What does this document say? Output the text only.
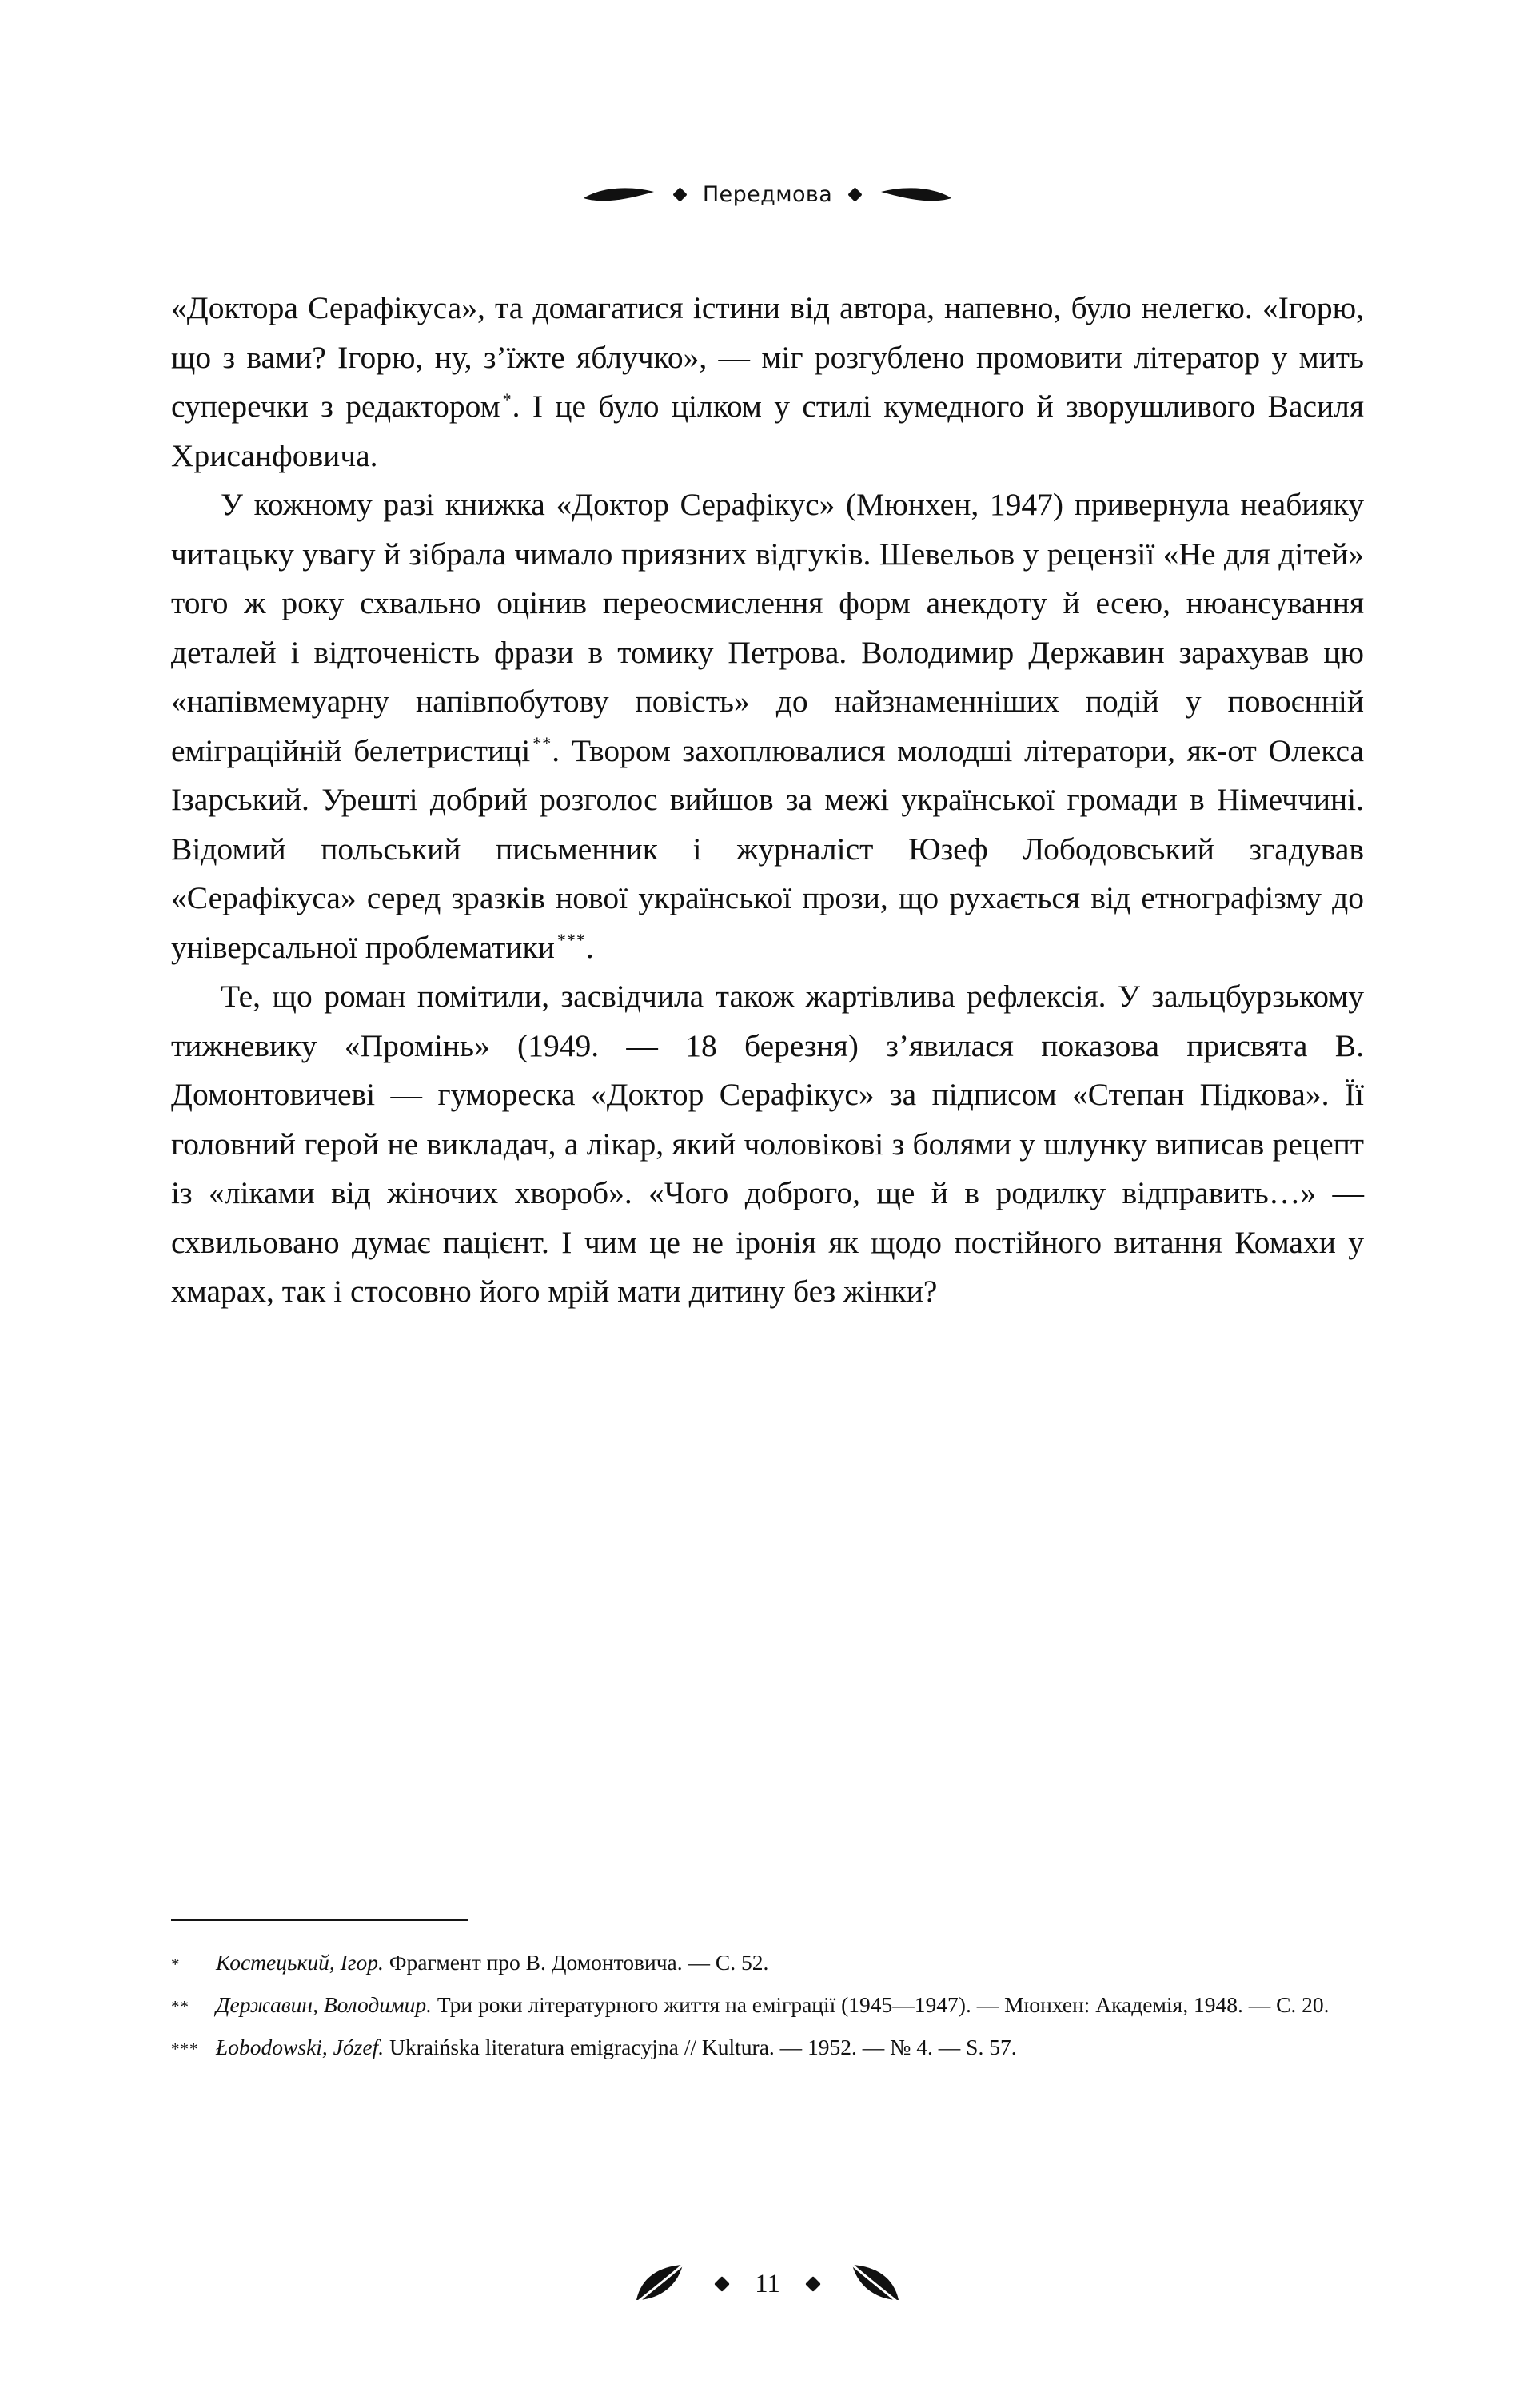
Передмова

«Доктора Серафікуса», та домагатися істини від автора, напевно, було нелегко. «Ігорю, що з вами? Ігорю, ну, з’їжте яблучко», — міг розгублено промовити літератор у мить суперечки з редактором *. І це було цілком у стилі кумедного й зворушливого Василя Хрисанфовича.

У кожному разі книжка «Доктор Серафікус» (Мюнхен, 1947) привернула неабияку читацьку увагу й зібрала чимало приязних відгуків. Шевельов у рецензії «Не для дітей» того ж року схвально оцінив переосмислення форм анекдоту й есею, нюансування деталей і відточеність фрази в томику Петрова. Володимир Державин зарахував цю «напівмемуарну напівпобутову повість» до найзнаменніших подій у повоєнній еміграційній белетристиці **. Твором захоплювалися молодші літератори, як-от Олекса Ізарський. Урешті добрий розголос вийшов за межі української громади в Німеччині. Відомий польський письменник і журналіст Юзеф Лободовський згадував «Серафікуса» серед зразків нової української прози, що рухається від етнографізму до універсальної проблематики ***.

Те, що роман помітили, засвідчила також жартівлива рефлексія. У зальцбурзькому тижневику «Промінь» (1949. — 18 березня) з’явилася показова присвята В. Домонтовичеві — гумореска «Доктор Серафікус» за підписом «Степан Підкова». Її головний герой не викладач, а лікар, який чоловікові з болями у шлунку виписав рецепт із «ліками від жіночих хвороб». «Чого доброго, ще й в родилку відправить…» — схвильовано думає пацієнт. І чим це не іронія як щодо постійного витання Комахи у хмарах, так і стосовно його мрій мати дитину без жінки?

*	Костецький, Ігор. Фрагмент про В. Домонтовича. — С. 52.
**	Державин, Володимир. Три роки літературного життя на еміграції (1945—1947). — Мюнхен: Академія, 1948. — С. 20.
*** Łobodowski, Józef. Ukraińska literatura emigracyjna // Kultura. — 1952. — № 4. — S. 57.
11
